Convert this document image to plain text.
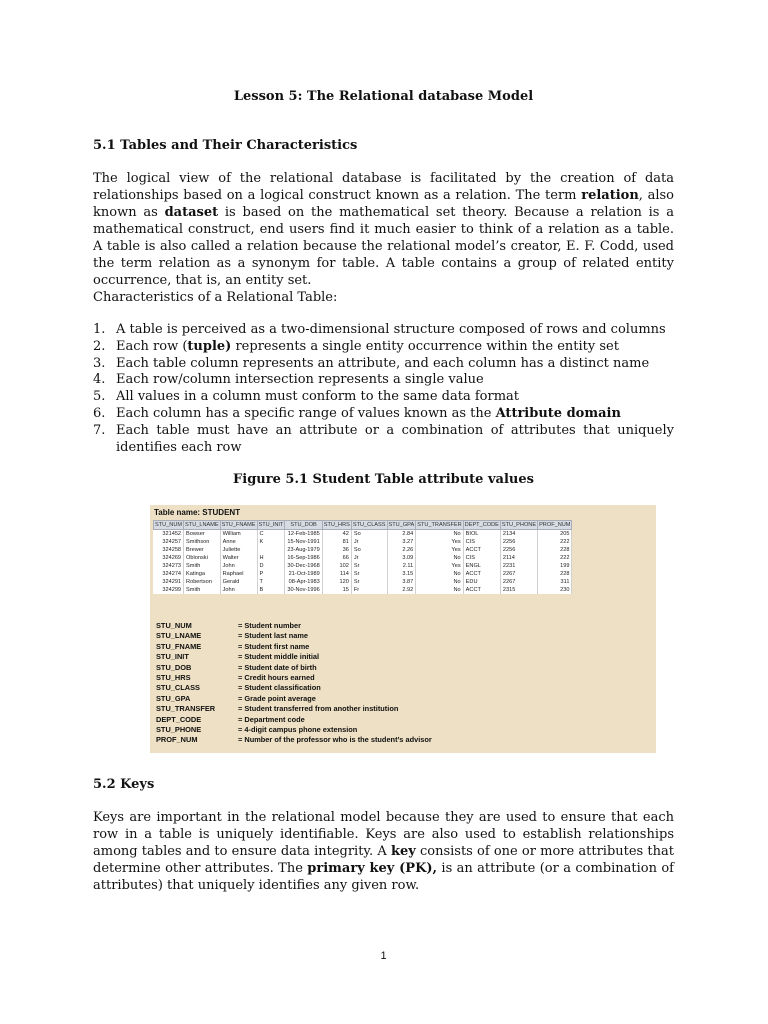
Lesson 5: The Relational database Model
5.1 Tables and Their Characteristics

The logical view of the relational database is facilitated by the creation of data relationships based on a logical construct known as a relation. The term relation, also known as dataset is based on the mathematical set theory. Because a relation is a mathematical construct, end users find it much easier to think of a relation as a table. A table is also called a relation because the relational model’s creator, E. F. Codd, used the term relation as a synonym for table. A table contains a group of related entity occurrence, that is, an entity set.

Characteristics of a Relational Table:
1. A table is perceived as a two-dimensional structure composed of rows and columns
2. Each row (tuple) represents a single entity occurrence within the entity set
3. Each table column represents an attribute, and each column has a distinct name
4. Each row/column intersection represents a single value
5. All values in a column must conform to the same data format
6. Each column has a specific range of values known as the Attribute domain
7. Each table must have an attribute or a combination of attributes that uniquely identifies each row
Figure 5.1 Student Table attribute values
Table name: STUDENT
STU_NUM	STU_LNAME	STU_FNAME	STU_INIT	STU_DOB	STU_HRS	STU_CLASS	STU_GPA	STU_TRANSFER	DEPT_CODE	STU_PHONE	PROF_NUM
321452	Bowser	William	C	12-Feb-1985	42	So	2.84	No	BIOL	2134	205
324257	Smithson	Anne	K	15-Nov-1991	81	Jr	3.27	Yes	CIS	2256	222
324258	Brewer	Juliette		23-Aug-1979	36	So	2.26	Yes	ACCT	2256	228
324269	Oblonski	Walter	H	16-Sep-1986	66	Jr	3.09	No	CIS	2114	222
324273	Smith	John	D	30-Dec-1968	102	Sr	2.11	Yes	ENGL	2231	199
324274	Katinga	Raphael	P	21-Oct-1989	114	Sr	3.15	No	ACCT	2267	228
324291	Robertson	Gerald	T	08-Apr-1983	120	Sr	3.87	No	EDU	2267	311
324299	Smith	John	B	30-Nov-1996	15	Fr	2.92	No	ACCT	2315	230
STU_NUM	= Student number
STU_LNAME	= Student last name
STU_FNAME	= Student first name
STU_INIT	= Student middle initial
STU_DOB	= Student date of birth
STU_HRS	= Credit hours earned
STU_CLASS	= Student classification
STU_GPA	= Grade point average
STU_TRANSFER	= Student transferred from another institution
DEPT_CODE	= Department code
STU_PHONE	= 4-digit campus phone extension
PROF_NUM	= Number of the professor who is the student’s advisor
5.2 Keys

Keys are important in the relational model because they are used to ensure that each row in a table is uniquely identifiable. Keys are also used to establish relationships among tables and to ensure data integrity. A key consists of one or more attributes that determine other attributes. The primary key (PK), is an attribute (or a combination of attributes) that uniquely identifies any given row.

1
